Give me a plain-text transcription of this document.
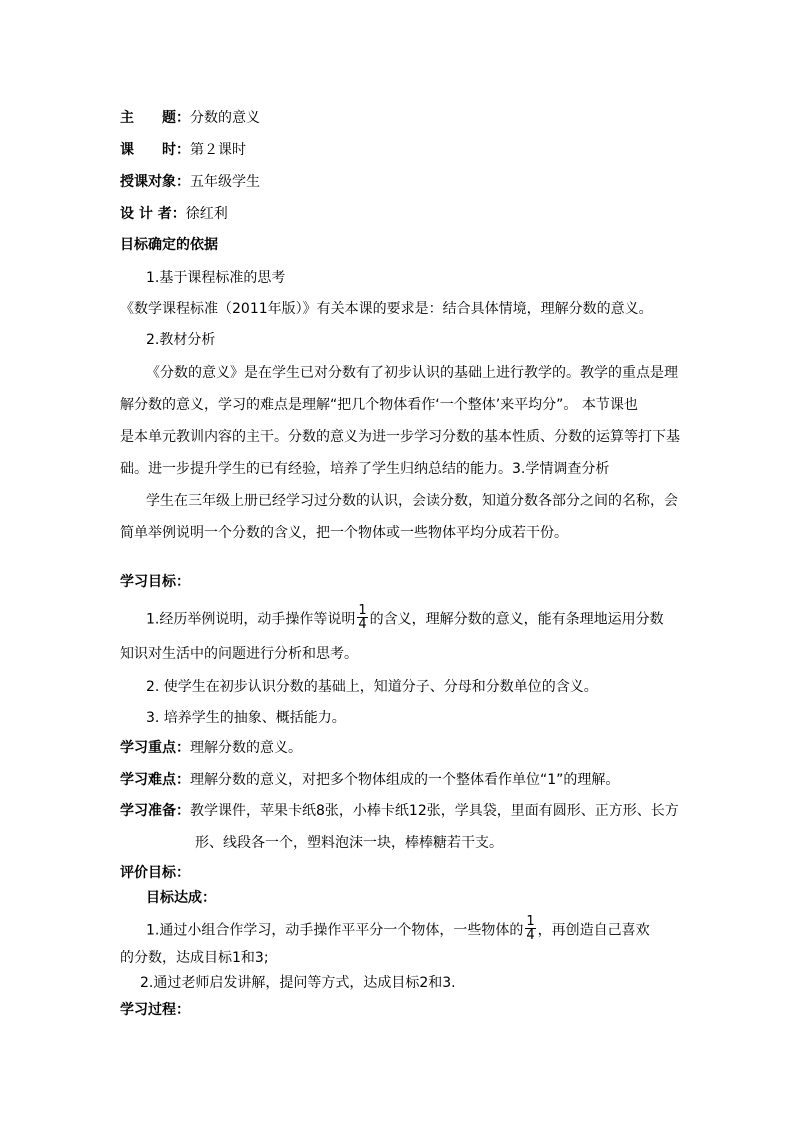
主　　题：分数的意义
课　　时：第２课时
授课对象：五年级学生
设 计 者：徐红利
目标确定的依据
1.基于课程标准的思考
《数学课程标准（2011年版）》有关本课的要求是：结合具体情境，理解分数的意义。
2.教材分析
《分数的意义》是在学生已对分数有了初步认识的基础上进行教学的。教学的重点是理
解分数的意义，学习的难点是理解“把几个物体看作‘一个整体’来平均分”。 本节课也
是本单元教训内容的主干。分数的意义为进一步学习分数的基本性质、分数的运算等打下基
础。进一步提升学生的已有经验，培养了学生归纳总结的能力。3.学情调查分析
学生在三年级上册已经学习过分数的认识，会读分数，知道分数各部分之间的名称，会
简单举例说明一个分数的含义，把一个物体或一些物体平均分成若干份。
学习目标：
1.经历举例说明，动手操作等说明 $\frac{1}{4}$ 的含义，理解分数的意义，能有条理地运用分数
知识对生活中的问题进行分析和思考。
2. 使学生在初步认识分数的基础上，知道分子、分母和分数单位的含义。
3. 培养学生的抽象、概括能力。
学习重点：理解分数的意义。
学习难点：理解分数的意义，对把多个物体组成的一个整体看作单位“1”的理解。
学习准备：教学课件，苹果卡纸8张，小棒卡纸12张，学具袋，里面有圆形、正方形、长方
形、线段各一个，塑料泡沫一块，棒棒糖若干支。
评价目标：
目标达成：
1.通过小组合作学习，动手操作平平分一个物体，一些物体的 $\frac{1}{4}$ ，再创造自己喜欢
的分数，达成目标1和3;
2.通过老师启发讲解，提问等方式，达成目标2和3.
学习过程：
